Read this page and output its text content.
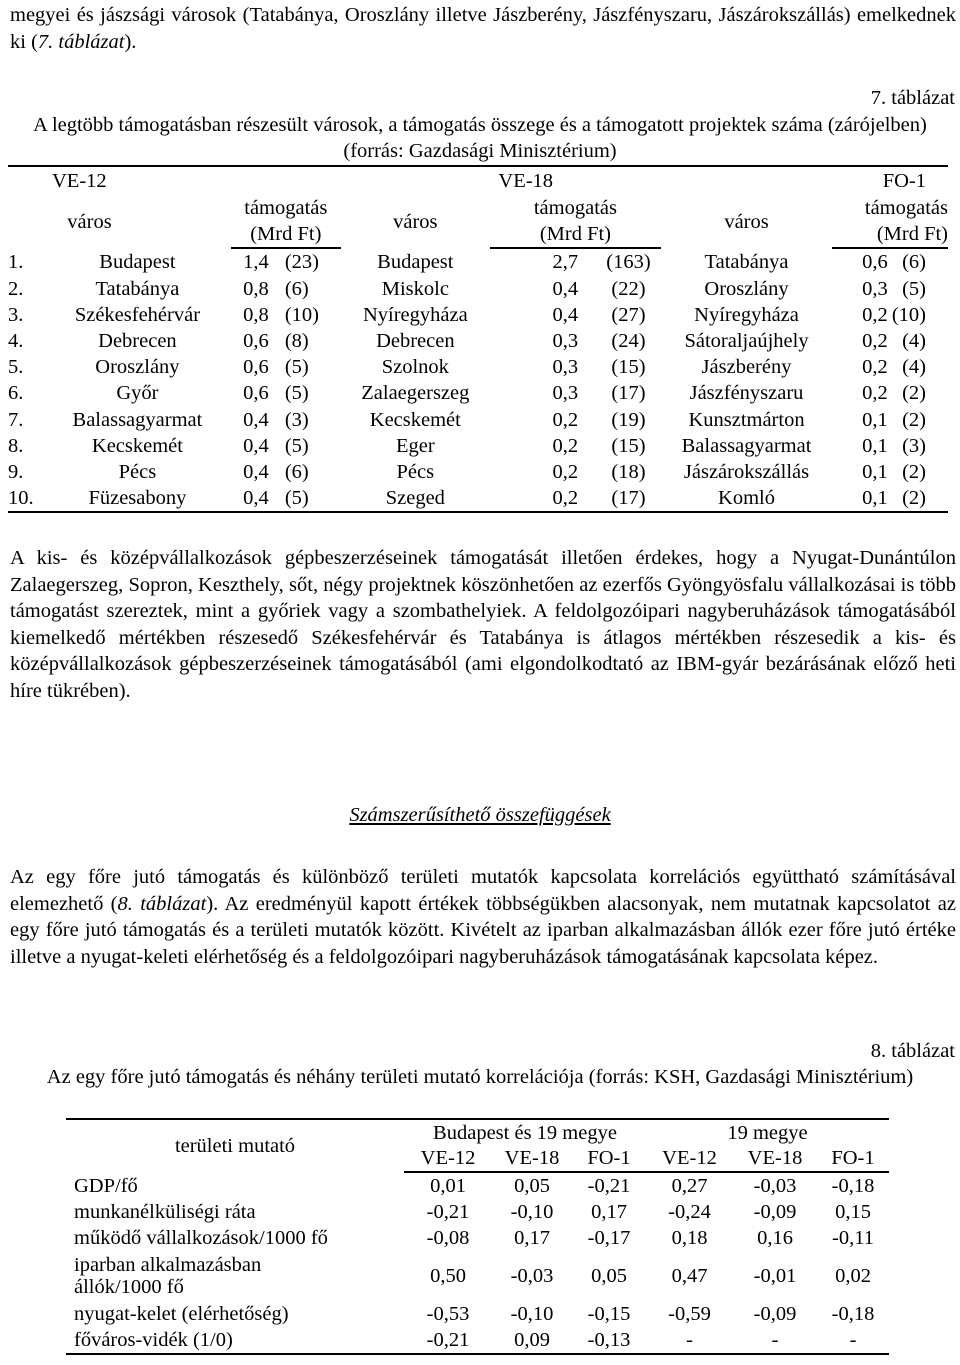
megyei és jászsági városok (Tatabánya, Oroszlány illetve Jászberény, Jászfényszaru, Jászárokszállás) emelkednek ki (7. táblázat).

7. táblázat
A legtöbb támogatásban részesült városok, a támogatás összege és a támogatott projektek száma (zárójelben) (forrás: Gazdasági Minisztérium)
VE-12				VE-18			FO-1		
város		támogatás		város	támogatás		város	támogatás	
		(Mrd Ft)			(Mrd Ft)			(Mrd Ft)	
1.	Budapest	1,4	(23)	Budapest	2,7	(163)	Tatabánya	0,6	(6)
2.	Tatabánya	0,8	(6)	Miskolc	0,4	(22)	Oroszlány	0,3	(5)
3.	Székesfehérvár	0,8	(10)	Nyíregyháza	0,4	(27)	Nyíregyháza	0,2	(10)
4.	Debrecen	0,6	(8)	Debrecen	0,3	(24)	Sátoraljaújhely	0,2	(4)
5.	Oroszlány	0,6	(5)	Szolnok	0,3	(15)	Jászberény	0,2	(4)
6.	Győr	0,6	(5)	Zalaegerszeg	0,3	(17)	Jászfényszaru	0,2	(2)
7.	Balassagyarmat	0,4	(3)	Kecskemét	0,2	(19)	Kunsztmárton	0,1	(2)
8.	Kecskemét	0,4	(5)	Eger	0,2	(15)	Balassagyarmat	0,1	(3)
9.	Pécs	0,4	(6)	Pécs	0,2	(18)	Jászárokszállás	0,1	(2)
10.	Füzesabony	0,4	(5)	Szeged	0,2	(17)	Komló	0,1	(2)

A kis- és középvállalkozások gépbeszerzéseinek támogatását illetően érdekes, hogy a Nyugat-Dunántúlon Zalaegerszeg, Sopron, Keszthely, sőt, négy projektnek köszönhetően az ezerfős Gyöngyösfalu vállalkozásai is több támogatást szereztek, mint a győriek vagy a szombathelyiek. A feldolgozóipari nagyberuházások támogatásából kiemelkedő mértékben részesedő Székesfehérvár és Tatabánya is átlagos mértékben részesedik a kis- és középvállalkozások gépbeszerzéseinek támogatásából (ami elgondolkodtató az IBM-gyár bezárásának előző heti híre tükrében).

Számszerűsíthető összefüggések

Az egy főre jutó támogatás és különböző területi mutatók kapcsolata korrelációs együttható számításával elemezhető (8. táblázat). Az eredményül kapott értékek többségükben alacsonyak, nem mutatnak kapcsolatot az egy főre jutó támogatás és a területi mutatók között. Kivételt az iparban alkalmazásban állók ezer főre jutó értéke illetve a nyugat-keleti elérhetőség és a feldolgozóipari nagyberuházások támogatásának kapcsolata képez.

8. táblázat
Az egy főre jutó támogatás és néhány területi mutató korrelációja (forrás: KSH, Gazdasági Minisztérium)
területi mutató	Budapest és 19 megye			19 megye		
	VE-12	VE-18	FO-1	VE-12	VE-18	FO-1
GDP/fő	0,01	0,05	-0,21	0,27	-0,03	-0,18
munkanélküliségi ráta	-0,21	-0,10	0,17	-0,24	-0,09	0,15
működő vállalkozások/1000 fő	-0,08	0,17	-0,17	0,18	0,16	-0,11
iparban alkalmazásban állók/1000 fő	0,50	-0,03	0,05	0,47	-0,01	0,02
nyugat-kelet (elérhetőség)	-0,53	-0,10	-0,15	-0,59	-0,09	-0,18
főváros-vidék (1/0)	-0,21	0,09	-0,13	-	-	-
